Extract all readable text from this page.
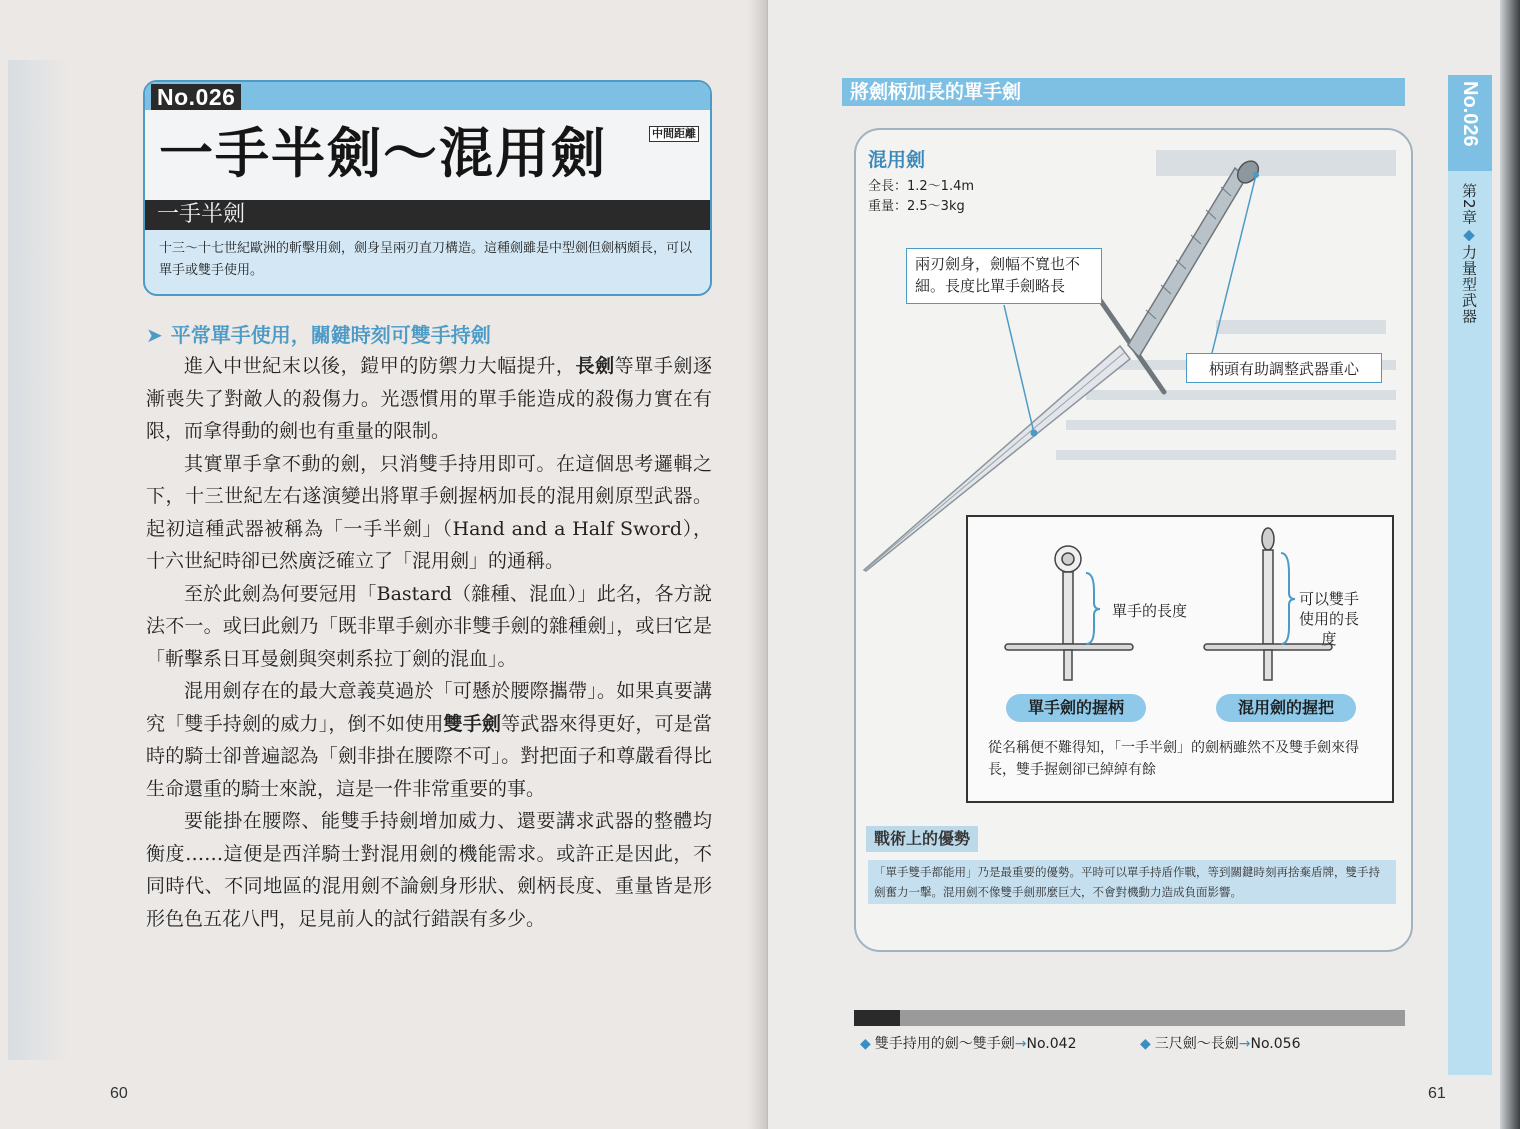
No.026
一手半劍～混用劍	中間距離
一手半劍
十三～十七世紀歐洲的斬擊用劍，劍身呈兩刃直刀構造。這種劍雖是中型劍但劍柄頗長，可以單手或雙手使用。
➤ 平常單手使用，關鍵時刻可雙手持劍

進入中世紀末以後，鎧甲的防禦力大幅提升，長劍等單手劍逐漸喪失了對敵人的殺傷力。光憑慣用的單手能造成的殺傷力實在有限，而拿得動的劍也有重量的限制。

其實單手拿不動的劍，只消雙手持用即可。在這個思考邏輯之下，十三世紀左右遂演變出將單手劍握柄加長的混用劍原型武器。起初這種武器被稱為「一手半劍」（Hand and a Half Sword），十六世紀時卻已然廣泛確立了「混用劍」的通稱。

至於此劍為何要冠用「Bastard（雜種、混血）」此名，各方說法不一。或曰此劍乃「既非單手劍亦非雙手劍的雜種劍」，或曰它是「斬擊系日耳曼劍與突刺系拉丁劍的混血」。

混用劍存在的最大意義莫過於「可懸於腰際攜帶」。如果真要講究「雙手持劍的威力」，倒不如使用雙手劍等武器來得更好，可是當時的騎士卻普遍認為「劍非掛在腰際不可」。對把面子和尊嚴看得比生命還重的騎士來說，這是一件非常重要的事。

要能掛在腰際、能雙手持劍增加威力、還要講求武器的整體均衡度……這便是西洋騎士對混用劍的機能需求。或許正是因此，不同時代、不同地區的混用劍不論劍身形狀、劍柄長度、重量皆是形形色色五花八門，足見前人的試行錯誤有多少。

60
將劍柄加長的單手劍
混用劍
全長：1.2～1.4m
重量：2.5～3kg
兩刃劍身，劍幅不寬也不細。長度比單手劍略長
柄頭有助調整武器重心
單手的長度
可以雙手使用的長度
單手劍的握柄	混用劍的握把
從名稱便不難得知，「一手半劍」的劍柄雖然不及雙手劍來得長，雙手握劍卻已綽綽有餘
戰術上的優勢
「單手雙手都能用」乃是最重要的優勢。平時可以單手持盾作戰，等到關鍵時刻再捨棄盾牌，雙手持劍奮力一擊。混用劍不像雙手劍那麼巨大，不會對機動力造成負面影響。
◆ 雙手持用的劍～雙手劍→No.042	◆ 三尺劍～長劍→No.056
61
No.026
第2章◆力量型武器
